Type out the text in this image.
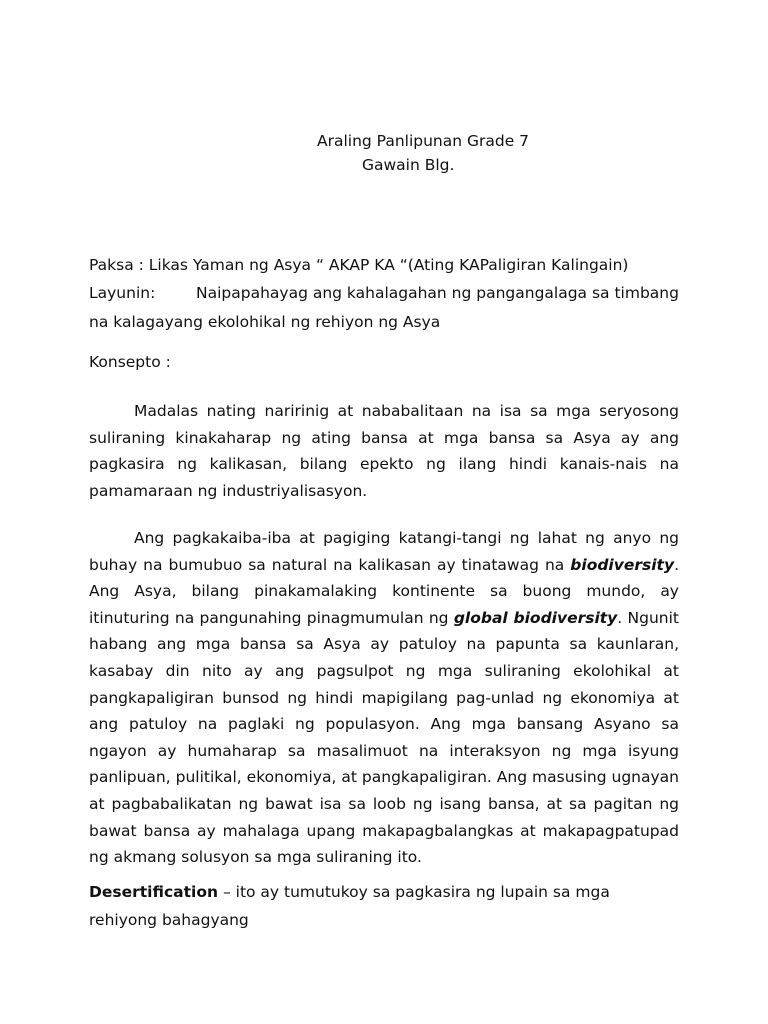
Araling Panlipunan Grade 7
Gawain Blg.
Paksa : Likas Yaman ng Asya “ AKAP KA “(Ating KAPaligiran Kalingain)
Layunin:	Naipapahayag ang kahalagahan ng pangangalaga sa timbang
na kalagayang ekolohikal ng rehiyon ng Asya
Konsepto :

Madalas nating naririnig at nababalitaan na isa sa mga seryosong suliraning kinakaharap ng ating bansa at mga bansa sa Asya ay ang pagkasira ng kalikasan, bilang epekto ng ilang hindi kanais-nais na pamamaraan ng industriyalisasyon.

Ang pagkakaiba-iba at pagiging katangi-tangi ng lahat ng anyo ng buhay na bumubuo sa natural na kalikasan ay tinatawag na biodiversity. Ang Asya, bilang pinakamalaking kontinente sa buong mundo, ay itinuturing na pangunahing pinagmumulan ng global biodiversity. Ngunit habang ang mga bansa sa Asya ay patuloy na papunta sa kaunlaran, kasabay din nito ay ang pagsulpot ng mga suliraning ekolohikal at pangkapaligiran bunsod ng hindi mapigilang pag-unlad ng ekonomiya at ang patuloy na paglaki ng populasyon. Ang mga bansang Asyano sa ngayon ay humaharap sa masalimuot na interaksyon ng mga isyung panlipuan, pulitikal, ekonomiya, at pangkapaligiran. Ang masusing ugnayan at pagbabalikatan ng bawat isa sa loob ng isang bansa, at sa pagitan ng bawat bansa ay mahalaga upang makapagbalangkas at makapagpatupad ng akmang solusyon sa mga suliraning ito.

Desertification – ito ay tumutukoy sa pagkasira ng lupain sa mga rehiyong bahagyang
